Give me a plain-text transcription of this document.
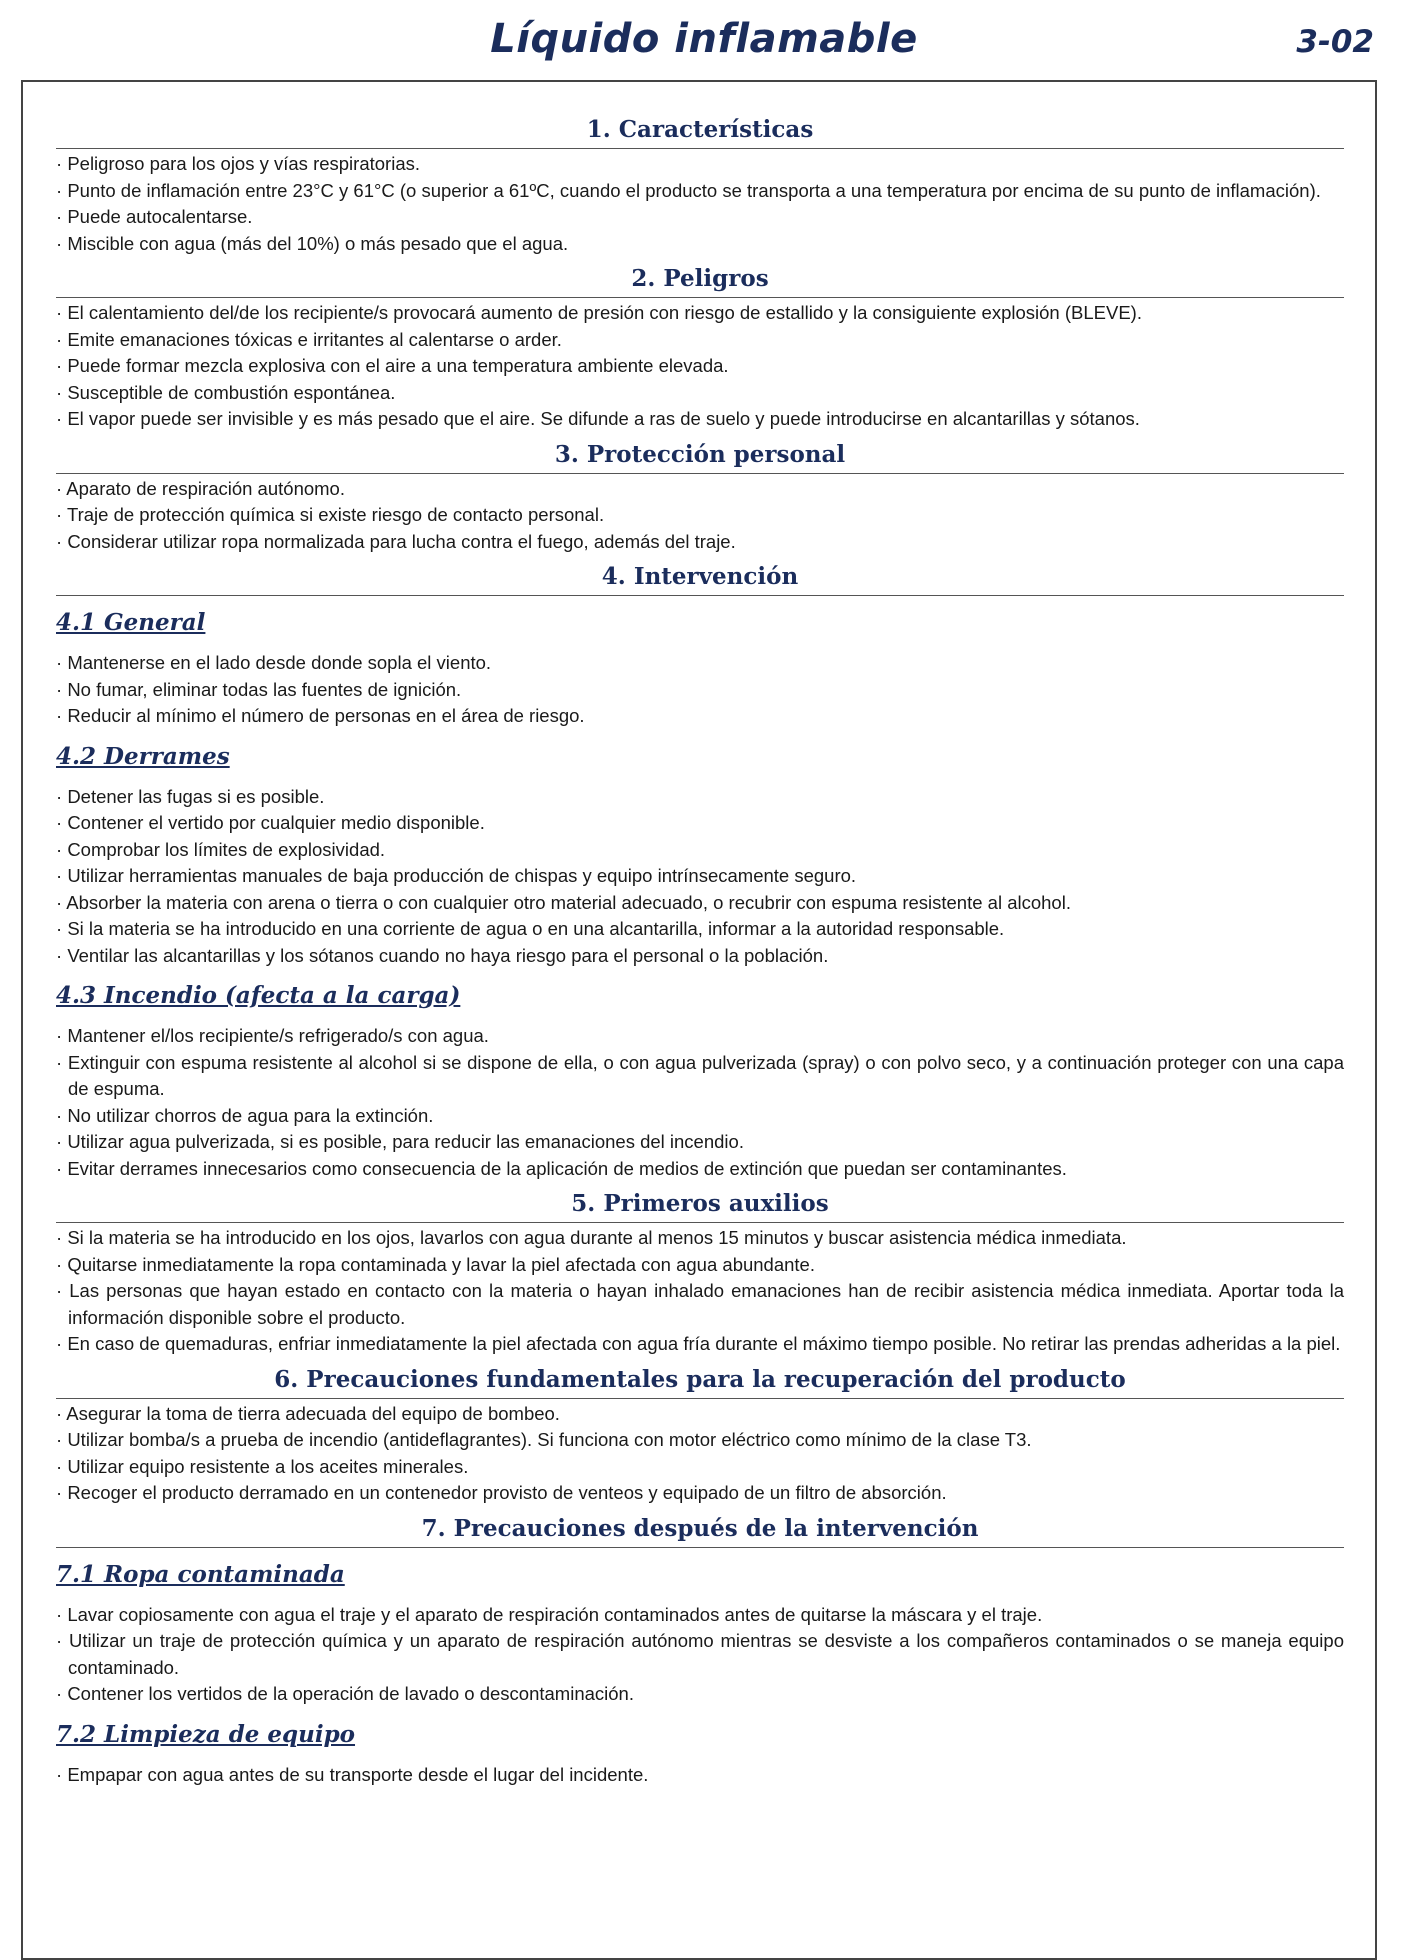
Líquido inflamable	3-02
1. Características
· Peligroso para los ojos y vías respiratorias.
· Punto de inflamación entre 23°C y 61°C (o superior a 61ºC, cuando el producto se transporta a una temperatura por encima de su punto de inflamación).
· Puede autocalentarse.
· Miscible con agua (más del 10%) o más pesado que el agua.
2. Peligros
· El calentamiento del/de los recipiente/s provocará aumento de presión con riesgo de estallido y la consiguiente explosión (BLEVE).
· Emite emanaciones tóxicas e irritantes al calentarse o arder.
· Puede formar mezcla explosiva con el aire a una temperatura ambiente elevada.
· Susceptible de combustión espontánea.
· El vapor puede ser invisible y es más pesado que el aire. Se difunde a ras de suelo y puede introducirse en alcantarillas y sótanos.
3. Protección personal
· Aparato de respiración autónomo.
· Traje de protección química si existe riesgo de contacto personal.
· Considerar utilizar ropa normalizada para lucha contra el fuego, además del traje.
4. Intervención
4.1 General
· Mantenerse en el lado desde donde sopla el viento.
· No fumar, eliminar todas las fuentes de ignición.
· Reducir al mínimo el número de personas en el área de riesgo.
4.2 Derrames
· Detener las fugas si es posible.
· Contener el vertido por cualquier medio disponible.
· Comprobar los límites de explosividad.
· Utilizar herramientas manuales de baja producción de chispas y equipo intrínsecamente seguro.
· Absorber la materia con arena o tierra o con cualquier otro material adecuado, o recubrir con espuma resistente al alcohol.
· Si la materia se ha introducido en una corriente de agua o en una alcantarilla, informar a la autoridad responsable.
· Ventilar las alcantarillas y los sótanos cuando no haya riesgo para el personal o la población.
4.3 Incendio (afecta a la carga)
· Mantener el/los recipiente/s refrigerado/s con agua.
· Extinguir con espuma resistente al alcohol si se dispone de ella, o con agua pulverizada (spray) o con polvo seco, y a continuación proteger con una capa de espuma.
· No utilizar chorros de agua para la extinción.
· Utilizar agua pulverizada, si es posible, para reducir las emanaciones del incendio.
· Evitar derrames innecesarios como consecuencia de la aplicación de medios de extinción que puedan ser contaminantes.
5. Primeros auxilios
· Si la materia se ha introducido en los ojos, lavarlos con agua durante al menos 15 minutos y buscar asistencia médica inmediata.
· Quitarse inmediatamente la ropa contaminada y lavar la piel afectada con agua abundante.
· Las personas que hayan estado en contacto con la materia o hayan inhalado emanaciones han de recibir asistencia médica inmediata. Aportar toda la información disponible sobre el producto.
· En caso de quemaduras, enfriar inmediatamente la piel afectada con agua fría durante el máximo tiempo posible. No retirar las prendas adheridas a la piel.
6. Precauciones fundamentales para la recuperación del producto
· Asegurar la toma de tierra adecuada del equipo de bombeo.
· Utilizar bomba/s a prueba de incendio (antideflagrantes). Si funciona con motor eléctrico como mínimo de la clase T3.
· Utilizar equipo resistente a los aceites minerales.
· Recoger el producto derramado en un contenedor provisto de venteos y equipado de un filtro de absorción.
7. Precauciones después de la intervención
7.1 Ropa contaminada
· Lavar copiosamente con agua el traje y el aparato de respiración contaminados antes de quitarse la máscara y el traje.
· Utilizar un traje de protección química y un aparato de respiración autónomo mientras se desviste a los compañeros contaminados o se maneja equipo contaminado.
· Contener los vertidos de la operación de lavado o descontaminación.
7.2 Limpieza de equipo
· Empapar con agua antes de su transporte desde el lugar del incidente.
